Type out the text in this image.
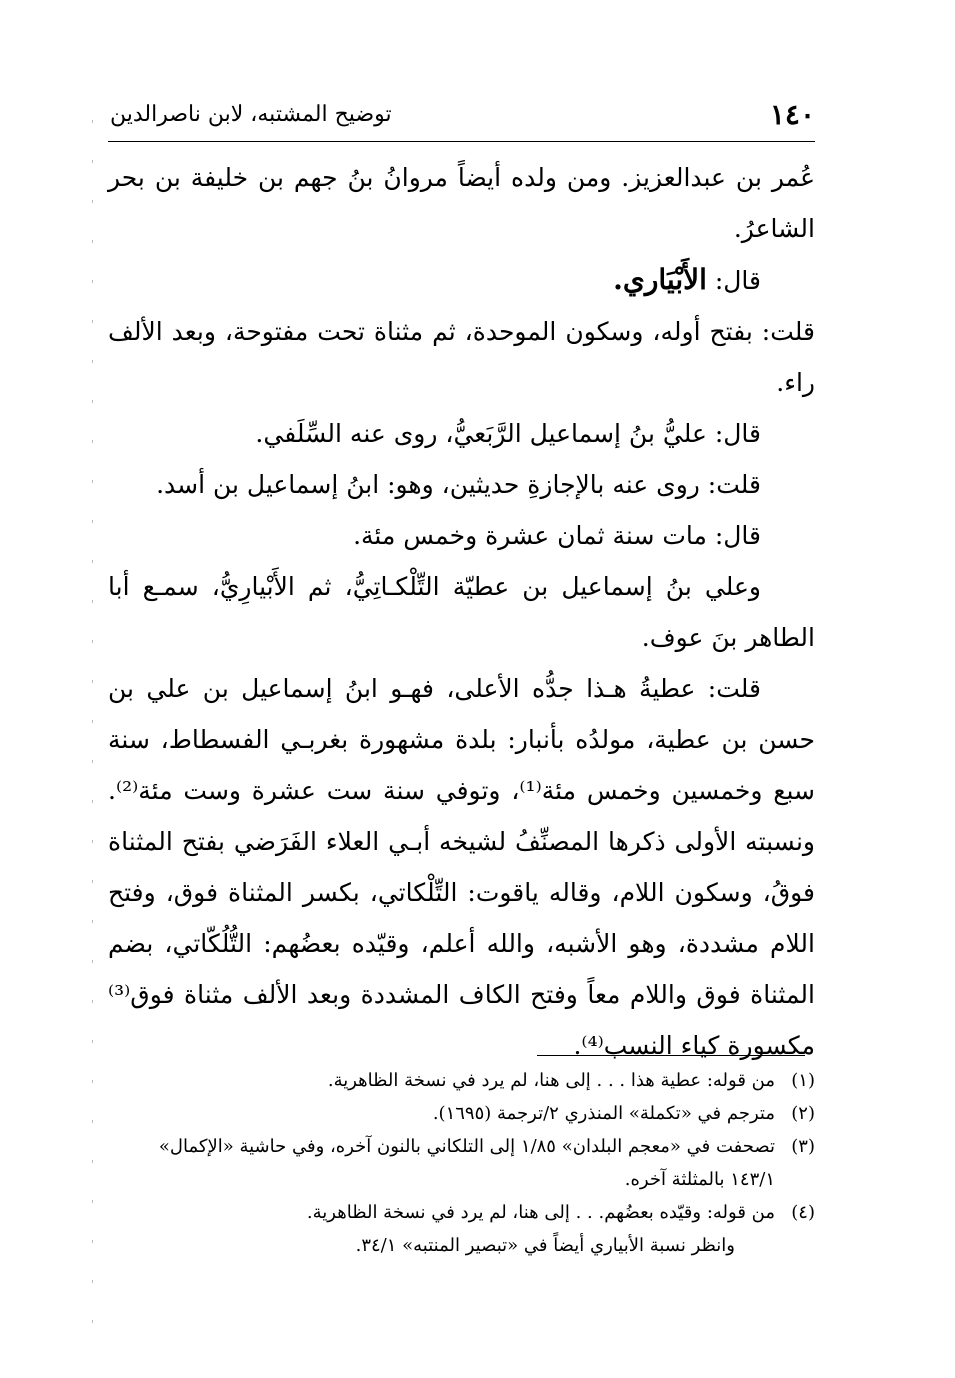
١٤٠
توضيح المشتبه، لابن ناصرالدين

عُمر بن عبدالعزيز. ومن ولده أيضاً مروانُ بنُ جهم بن خليفة بن بحر الشاعرُ.

قال: الأَبْيَاري.

قلت: بفتح أوله، وسكون الموحدة، ثم مثناة تحت مفتوحة، وبعد الألف راء.

قال: عليُّ بنُ إسماعيل الرَّبَعيُّ، روى عنه السِّلَفي.

قلت: روى عنه بالإجازةِ حديثين، وهو: ابنُ إسماعيل بن أسد.

قال: مات سنة ثمان عشرة وخمس مئة.

وعلي بنُ إسماعيل بن عطيّة التِّلْكـاتِيُّ، ثم الأَبْيارِيُّ، سمـع أبا الطاهر بنَ عوف.

قلت: عطيةُ هـذا جدُّه الأعلى، فهـو ابنُ إسماعيل بن علي بن حسن بن عطية، مولدُه بأنبار: بلدة مشهورة بغربـي الفسطاط، سنة سبع وخمسين وخمس مئة⁽¹⁾، وتوفي سنة ست عشرة وست مئة⁽²⁾. ونسبته الأولى ذكرها المصنِّفُ لشيخه أبـي العلاء الفَرَضي بفتح المثناة فوقُ، وسكون اللام، وقاله ياقوت: التِّلْكاتي، بكسر المثناة فوق، وفتح اللام مشددة، وهو الأشبه، والله أعلم، وقيّده بعضُهم: التُّلُكّاتي، بضم المثناة فوق واللام معاً وفتح الكاف المشددة وبعد الألف مثناة فوق⁽³⁾ مكسورة كياء النسب⁽⁴⁾.

(١)من قوله: عطية هذا . . . إلى هنا، لم يرد في نسخة الظاهرية.

(٢)مترجم في «تكملة» المنذري ٢/ترجمة (١٦٩٥).

(٣)تصحفت في «معجم البلدان» ١/٨٥ إلى التلكاني بالنون آخره، وفي حاشية «الإكمال»

١٤٣/١ بالمثلثة آخره.

(٤)من قوله: وقيّده بعضُهم. . . إلى هنا، لم يرد في نسخة الظاهرية.

وانظر نسبة الأبياري أيضاً في «تبصير المنتبه» ٣٤/١.
